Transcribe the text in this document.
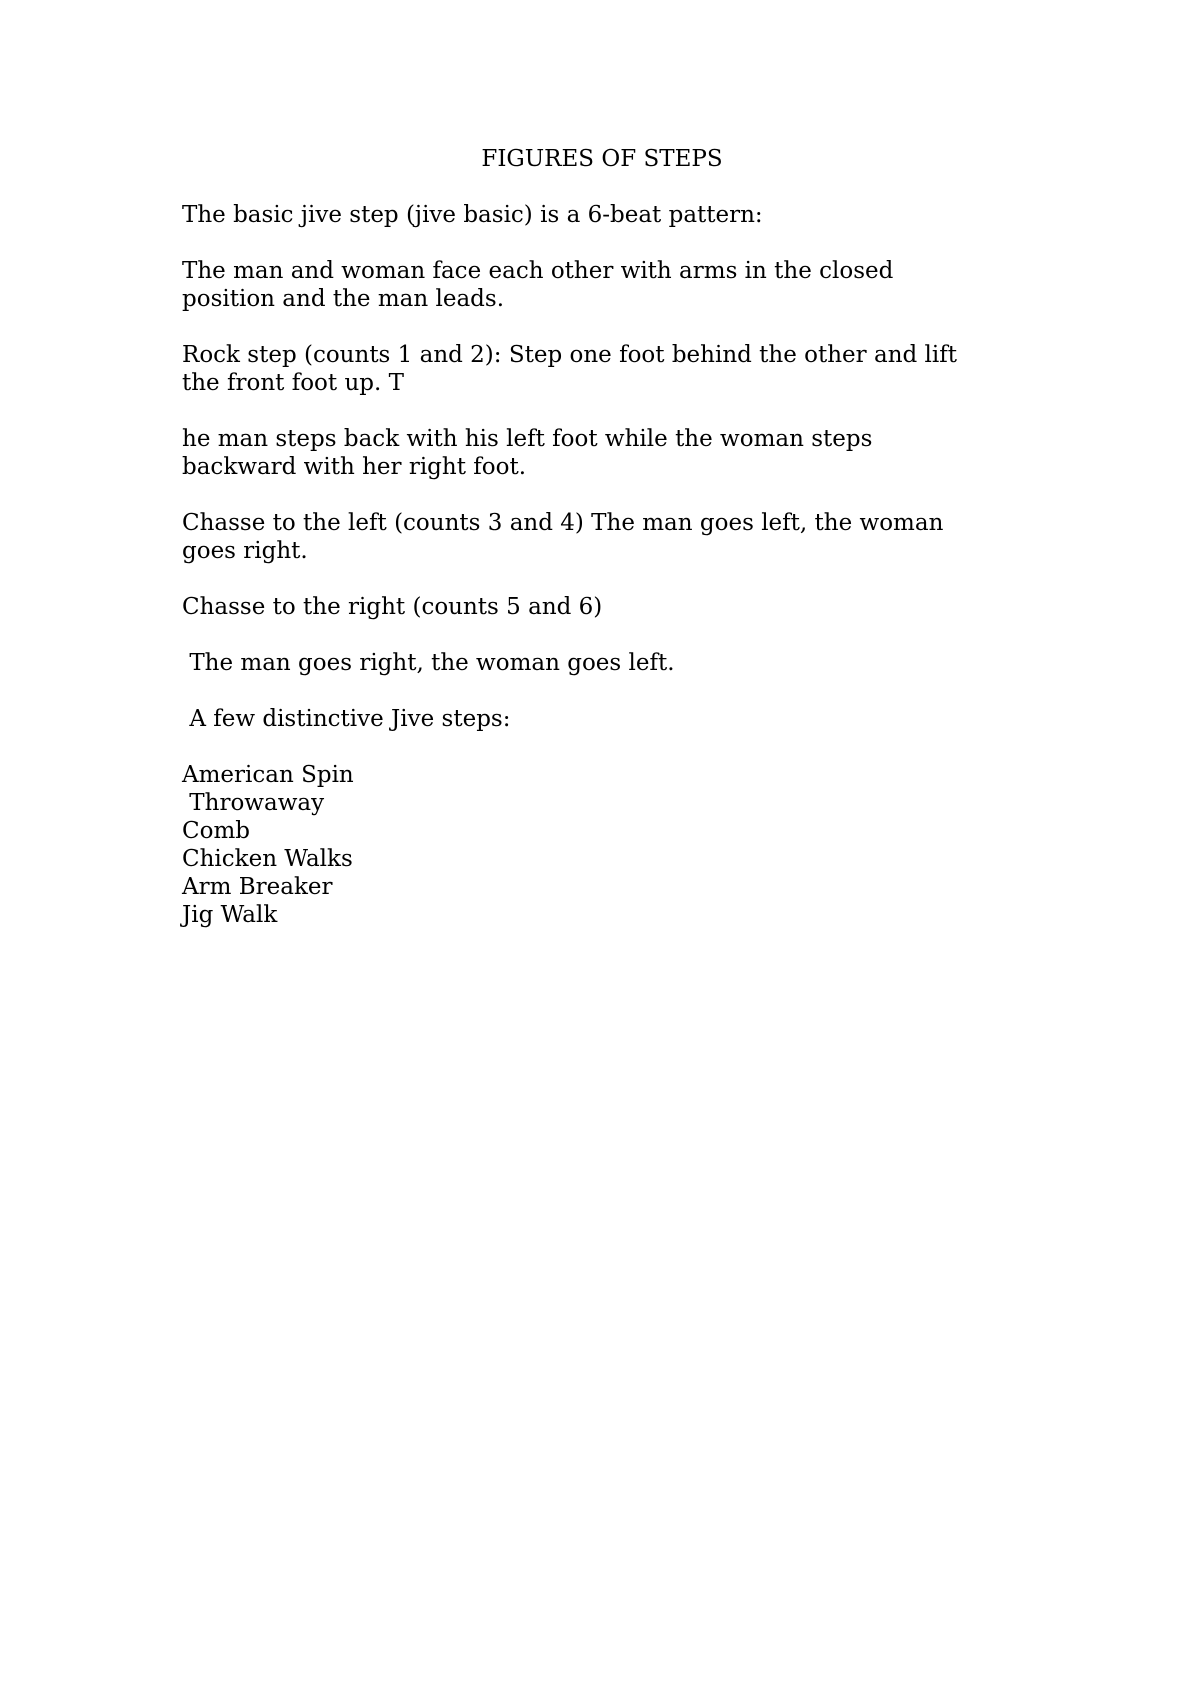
FIGURES OF STEPS

The basic jive step (jive basic) is a 6-beat pattern:

The man and woman face each other with arms in the closed
position and the man leads.

Rock step (counts 1 and 2): Step one foot behind the other and lift
the front foot up. T

he man steps back with his left foot while the woman steps
backward with her right foot.

Chasse to the left (counts 3 and 4) The man goes left, the woman
goes right.

Chasse to the right (counts 5 and 6)

The man goes right, the woman goes left.

A few distinctive Jive steps:

American Spin
Throwaway
Comb
Chicken Walks
Arm Breaker
Jig Walk
